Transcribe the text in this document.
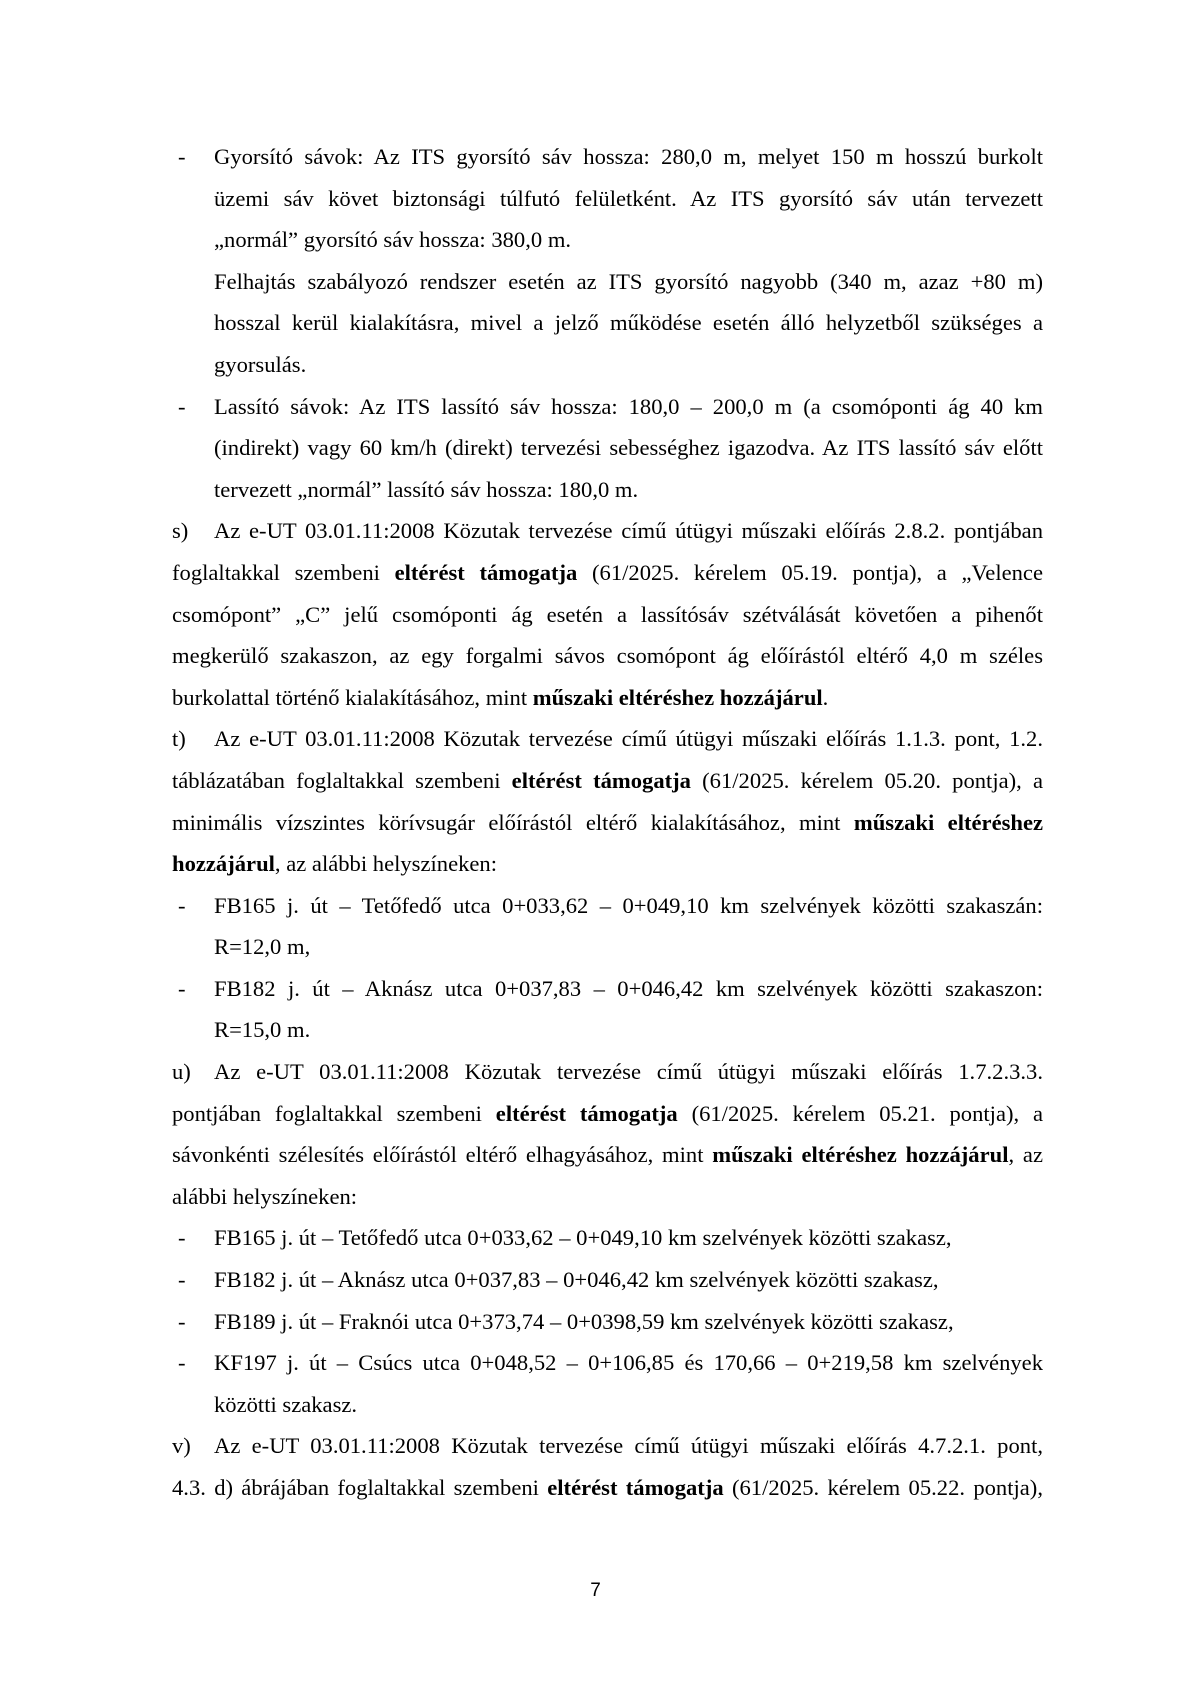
- Gyorsító sávok: Az ITS gyorsító sáv hossza: 280,0 m, melyet 150 m hosszú burkolt
üzemi sáv követ biztonsági túlfutó felületként. Az ITS gyorsító sáv után tervezett
„normál” gyorsító sáv hossza: 380,0 m.
Felhajtás szabályozó rendszer esetén az ITS gyorsító nagyobb (340 m, azaz +80 m)
hosszal kerül kialakításra, mivel a jelző működése esetén álló helyzetből szükséges a
gyorsulás.
- Lassító sávok: Az ITS lassító sáv hossza: 180,0 – 200,0 m (a csomóponti ág 40 km
(indirekt) vagy 60 km/h (direkt) tervezési sebességhez igazodva. Az ITS lassító sáv előtt
tervezett „normál” lassító sáv hossza: 180,0 m.
s) Az e-UT 03.01.11:2008 Közutak tervezése című útügyi műszaki előírás 2.8.2. pontjában
foglaltakkal szembeni eltérést támogatja (61/2025. kérelem 05.19. pontja), a „Velence
csomópont” „C” jelű csomóponti ág esetén a lassítósáv szétválását követően a pihenőt
megkerülő szakaszon, az egy forgalmi sávos csomópont ág előírástól eltérő 4,0 m széles
burkolattal történő kialakításához, mint műszaki eltéréshez hozzájárul.
t) Az e-UT 03.01.11:2008 Közutak tervezése című útügyi műszaki előírás 1.1.3. pont, 1.2.
táblázatában foglaltakkal szembeni eltérést támogatja (61/2025. kérelem 05.20. pontja), a
minimális vízszintes körívsugár előírástól eltérő kialakításához, mint műszaki eltéréshez
hozzájárul, az alábbi helyszíneken:
- FB165 j. út – Tetőfedő utca 0+033,62 – 0+049,10 km szelvények közötti szakaszán:
R=12,0 m,
- FB182 j. út – Aknász utca 0+037,83 – 0+046,42 km szelvények közötti szakaszon:
R=15,0 m.
u) Az e-UT 03.01.11:2008 Közutak tervezése című útügyi műszaki előírás 1.7.2.3.3.
pontjában foglaltakkal szembeni eltérést támogatja (61/2025. kérelem 05.21. pontja), a
sávonkénti szélesítés előírástól eltérő elhagyásához, mint műszaki eltéréshez hozzájárul, az
alábbi helyszíneken:
- FB165 j. út – Tetőfedő utca 0+033,62 – 0+049,10 km szelvények közötti szakasz,
- FB182 j. út – Aknász utca 0+037,83 – 0+046,42 km szelvények közötti szakasz,
- FB189 j. út – Fraknói utca 0+373,74 – 0+0398,59 km szelvények közötti szakasz,
- KF197 j. út – Csúcs utca 0+048,52 – 0+106,85 és 170,66 – 0+219,58 km szelvények
közötti szakasz.
v) Az e-UT 03.01.11:2008 Közutak tervezése című útügyi műszaki előírás 4.7.2.1. pont,
4.3. d) ábrájában foglaltakkal szembeni eltérést támogatja (61/2025. kérelem 05.22. pontja),
7
